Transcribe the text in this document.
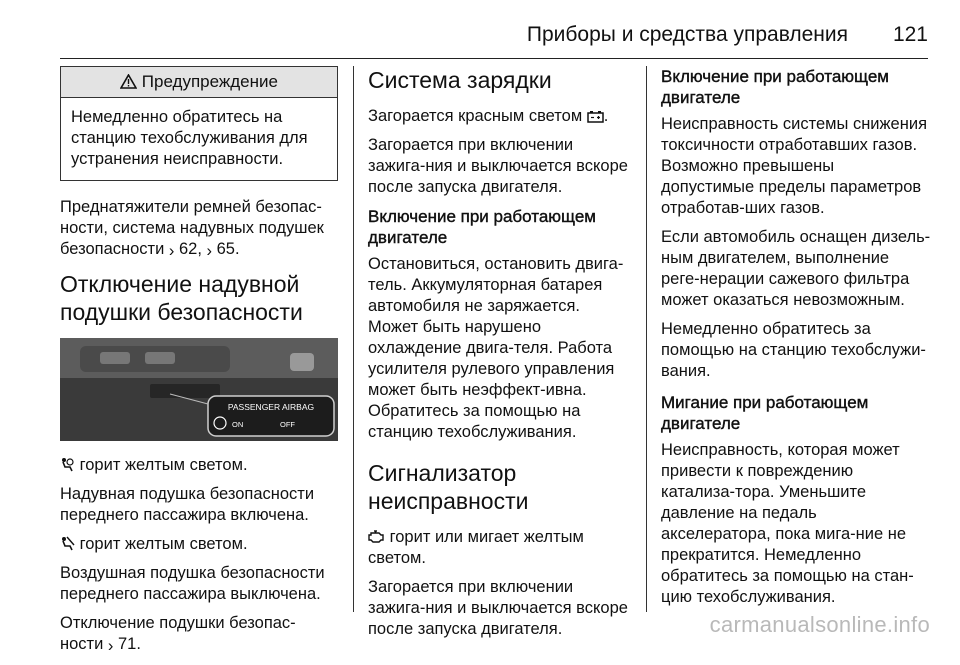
Приборы и средства управления 121
Предупреждение
Немедленно обратитесь на станцию техобслуживания для устранения неисправности.

Преднатяжители ремней безопас-ности, система надувных подушек безопасности › 62, › 65.

Отключение надувной подушки безопасности
PASSENGER AIRBAG
ON	OFF

горит желтым светом.

Надувная подушка безопасности переднего пассажира включена.

горит желтым светом.

Воздушная подушка безопасности переднего пассажира выключена.

Отключение подушки безопас-ности › 71.

Система зарядки

Загорается красным светом .

Загорается при включении зажига-ния и выключается вскоре после запуска двигателя.

Включение при работающем двигателе

Остановиться, остановить двига-тель. Аккумуляторная батарея автомобиля не заряжается. Может быть нарушено охлаждение двига-теля. Работа усилителя рулевого управления может быть неэффект-ивна. Обратитесь за помощью на станцию техобслуживания.

Сигнализатор неисправности

горит или мигает желтым светом.

Загорается при включении зажига-ния и выключается вскоре после запуска двигателя.

Включение при работающем двигателе

Неисправность системы снижения токсичности отработавших газов. Возможно превышены допустимые пределы параметров отработав-ших газов.

Если автомобиль оснащен дизель-ным двигателем, выполнение реге-нерации сажевого фильтра может оказаться невозможным.

Немедленно обратитесь за помощью на станцию техобслужи-вания.

Мигание при работающем двигателе

Неисправность, которая может привести к повреждению катализа-тора. Уменьшите давление на педаль акселератора, пока мига-ние не прекратится. Немедленно обратитесь за помощью на стан-цию техобслуживания.

carmanualsonline.info
